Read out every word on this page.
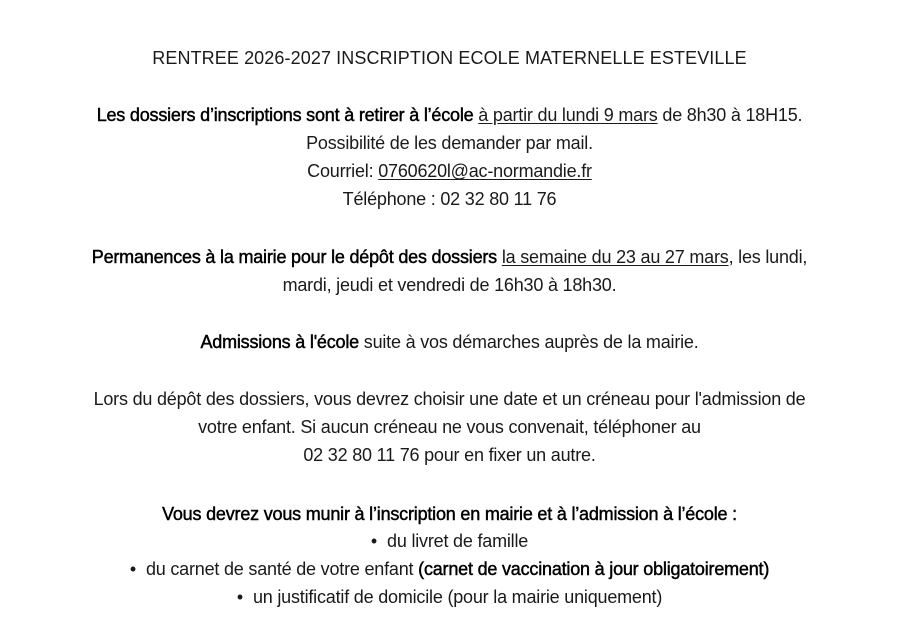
RENTREE 2026-2027 INSCRIPTION ECOLE MATERNELLE ESTEVILLE
Les dossiers d’inscriptions sont à retirer à l’école à partir du lundi 9 mars de 8h30 à 18H15.
Possibilité de les demander par mail.
Courriel: 0760620l@ac-normandie.fr
Téléphone : 02 32 80 11 76
Permanences à la mairie pour le dépôt des dossiers la semaine du 23 au 27 mars, les lundi,
mardi, jeudi et vendredi de 16h30 à 18h30.
Admissions à l'école suite à vos démarches auprès de la mairie.
Lors du dépôt des dossiers, vous devrez choisir une date et un créneau pour l'admission de
votre enfant. Si aucun créneau ne vous convenait, téléphoner au
02 32 80 11 76 pour en fixer un autre.
Vous devrez vous munir à l’inscription en mairie et à l’admission à l’école :
• du livret de famille
• du carnet de santé de votre enfant (carnet de vaccination à jour obligatoirement)
• un justificatif de domicile (pour la mairie uniquement)
